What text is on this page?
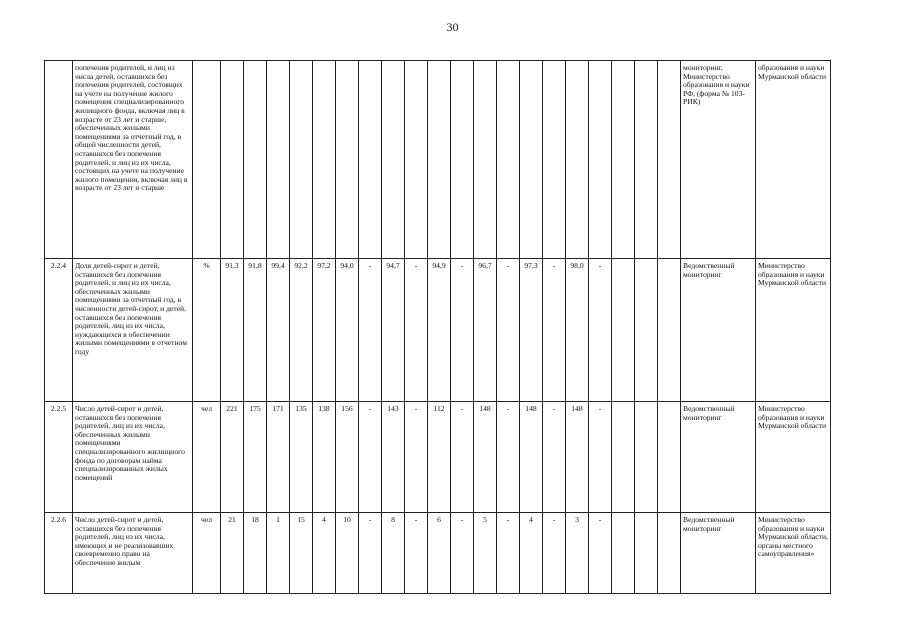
30
	попечения родителей, и лиц из числа детей, оставшихся без попечения родителей, состоящих на учете на получение жилого помещения специализированного жилищного фонда, включая лиц в возрасте от 23 лет и старше, обеспеченных жилыми помещениями за отчетный год, в общей численности детей, оставшихся без попечения родителей, и лиц из их числа, состоящих на учете на получение жилого помещения, включая лиц в возрасте от 23 лет и старше																						мониторинг, Министерство образования и науки РФ, (форма № 103-РИК)	образования и науки Мурманской области
2.2.4	Доля детей-сирот и детей, оставшихся без попечения родителей, и лиц из их числа, обеспеченных жилыми помещениями за отчетный год, в численности детей-сирот, и детей, оставшихся без попечения родителей, лиц из их числа, нуждающихся в обеспечении жилыми помещениями в отчетном году	%	91,3	91,8	99,4	92,2	97,2	94,0	-	94,7	-	94,9	-	96,7	-	97,3	-	98,0	-				Ведомственный мониторинг	Министерство образования и науки Мурманской области
2.2.5	Число детей-сирот и детей, оставшихся без попечения родителей, лиц из их числа, обеспеченных жилыми помещениями специализированного жилищного фонда по договорам найма специализированных жилых помещений	чел	221	175	171	135	138	156	-	143	-	112	-	148	-	148	-	148	-				Ведомственный мониторинг	Министерство образования и науки Мурманской области
2.2.6	Число детей-сирот и детей, оставшихся без попечения родителей, лиц из их числа, имеющих и не реализовавших своевременно право на обеспечение жилым	чел	21	18	1	15	4	10	-	8	-	6	-	5	-	4	-	3	-				Ведомственный мониторинг	Министерство образования и науки Мурманской области, органы местного самоуправления»
